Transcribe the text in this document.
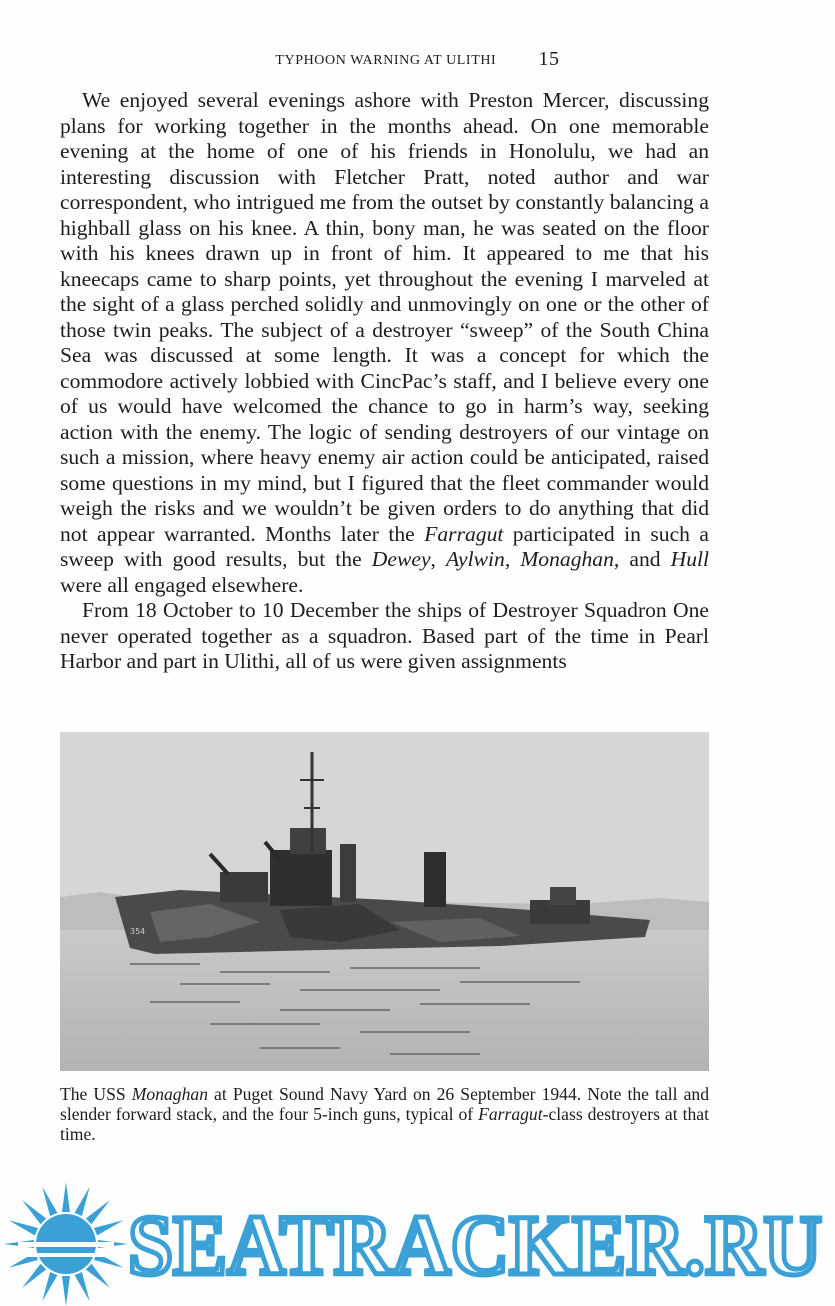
TYPHOON WARNING AT ULITHI 15

We enjoyed several evenings ashore with Preston Mercer, discussing plans for working together in the months ahead. On one memorable evening at the home of one of his friends in Honolulu, we had an interesting discussion with Fletcher Pratt, noted author and war correspondent, who intrigued me from the outset by constantly balancing a highball glass on his knee. A thin, bony man, he was seated on the floor with his knees drawn up in front of him. It appeared to me that his kneecaps came to sharp points, yet throughout the evening I marveled at the sight of a glass perched solidly and unmovingly on one or the other of those twin peaks. The subject of a destroyer “sweep” of the South China Sea was discussed at some length. It was a concept for which the commodore actively lobbied with CincPac’s staff, and I believe every one of us would have welcomed the chance to go in harm’s way, seeking action with the enemy. The logic of sending destroyers of our vintage on such a mission, where heavy enemy air action could be anticipated, raised some questions in my mind, but I figured that the fleet commander would weigh the risks and we wouldn’t be given orders to do anything that did not appear warranted. Months later the Farragut participated in such a sweep with good results, but the Dewey, Aylwin, Monaghan, and Hull were all engaged elsewhere.

From 18 October to 10 December the ships of Destroyer Squadron One never operated together as a squadron. Based part of the time in Pearl Harbor and part in Ulithi, all of us were given assignments

354

The USS Monaghan at Puget Sound Navy Yard on 26 September 1944. Note the tall and slender forward stack, and the four 5-inch guns, typical of Farragut-class destroyers at that time.

SEATRACKER.RU
